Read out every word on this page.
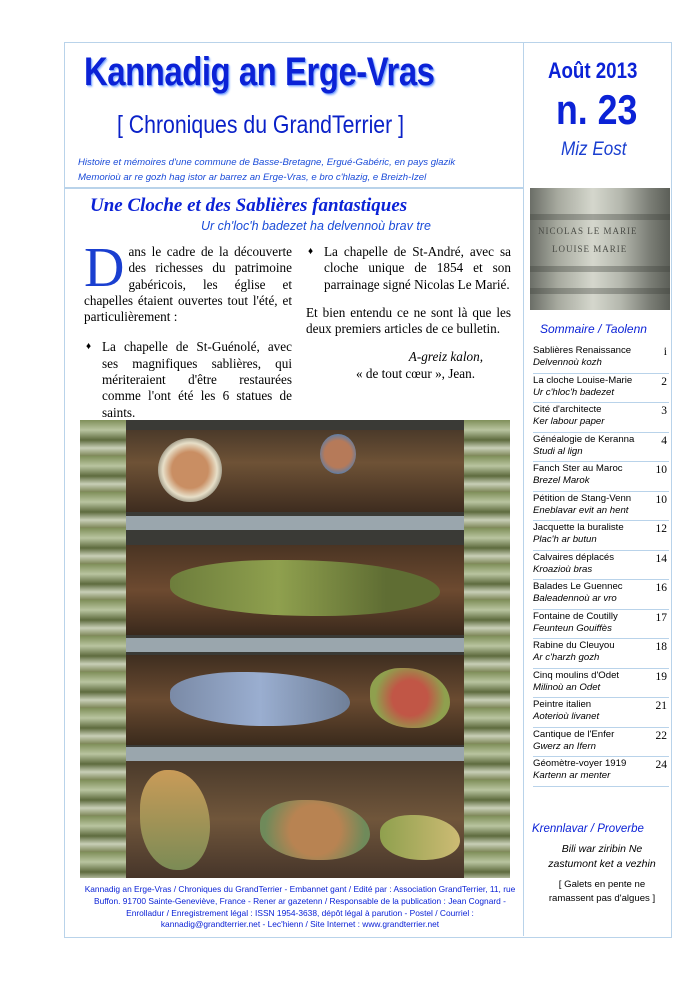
Kannadig an Erge-Vras
[ Chroniques du GrandTerrier ]
Histoire et mémoires d'une commune de Basse-Bretagne, Ergué-Gabéric, en pays glazik
Memorioù ar re gozh hag istor ar barrez an Erge-Vras, e bro c'hlazig, e Breizh-Izel
Août 2013
n. 23
Miz Eost
NICOLAS LE MARIE
LOUISE MARIE
Une Cloche et des Sablières fantastiques
Ur ch'loc'h badezet ha delvennoù brav tre
D ans le cadre de la découverte des richesses du patrimoine gabéricois, les église et chapelles étaient ouvertes tout l'été, et particulièrement :
♦ La chapelle de St-Guénolé, avec ses magnifiques sablières, qui mériteraient d'être restaurées comme l'ont été les 6 statues de saints.
♦ La chapelle de St-André, avec sa cloche unique de 1854 et son parrainage signé Nicolas Le Marié.
Et bien entendu ce ne sont là que les deux premiers articles de ce bulletin.
A-greiz kalon,
« de tout cœur », Jean.
Sommaire / Taolenn
Sablières Renaissance
Delvennoù kozh
i
La cloche Louise-Marie
Ur c'hloc'h badezet
2
Cité d'architecte
Ker labour paper
3
Généalogie de Keranna
Studi al lign
4
Fanch Ster au Maroc
Brezel Marok
10
Pétition de Stang-Venn
Eneblavar evit an hent
10
Jacquette la buraliste
Plac'h ar butun
12
Calvaires déplacés
Kroazioù bras
14
Balades Le Guennec
Baleadennoù ar vro
16
Fontaine de Coutilly
Feunteun Gouiffès
17
Rabine du Cleuyou
Ar c'harzh gozh
18
Cinq moulins d'Odet
Milinoù an Odet
19
Peintre italien
Aoterioù livanet
21
Cantique de l'Enfer
Gwerz an Ifern
22
Géomètre-voyer 1919
Kartenn ar menter
24
Krennlavar / Proverbe
Bili war ziribin Ne zastumont ket a vezhin
[ Galets en pente ne ramassent pas d'algues ]
Kannadig an Erge-Vras / Chroniques du GrandTerrier - Embannet gant / Edité par : Association GrandTerrier, 11, rue Buffon. 91700 Sainte-Geneviève, France - Rener ar gazetenn / Responsable de la publication : Jean Cognard - Enrolladur / Enregistrement légal : ISSN 1954-3638, dépôt légal à parution - Postel / Courriel : kannadig@grandterrier.net - Lec'hienn / Site Internet : www.grandterrier.net
